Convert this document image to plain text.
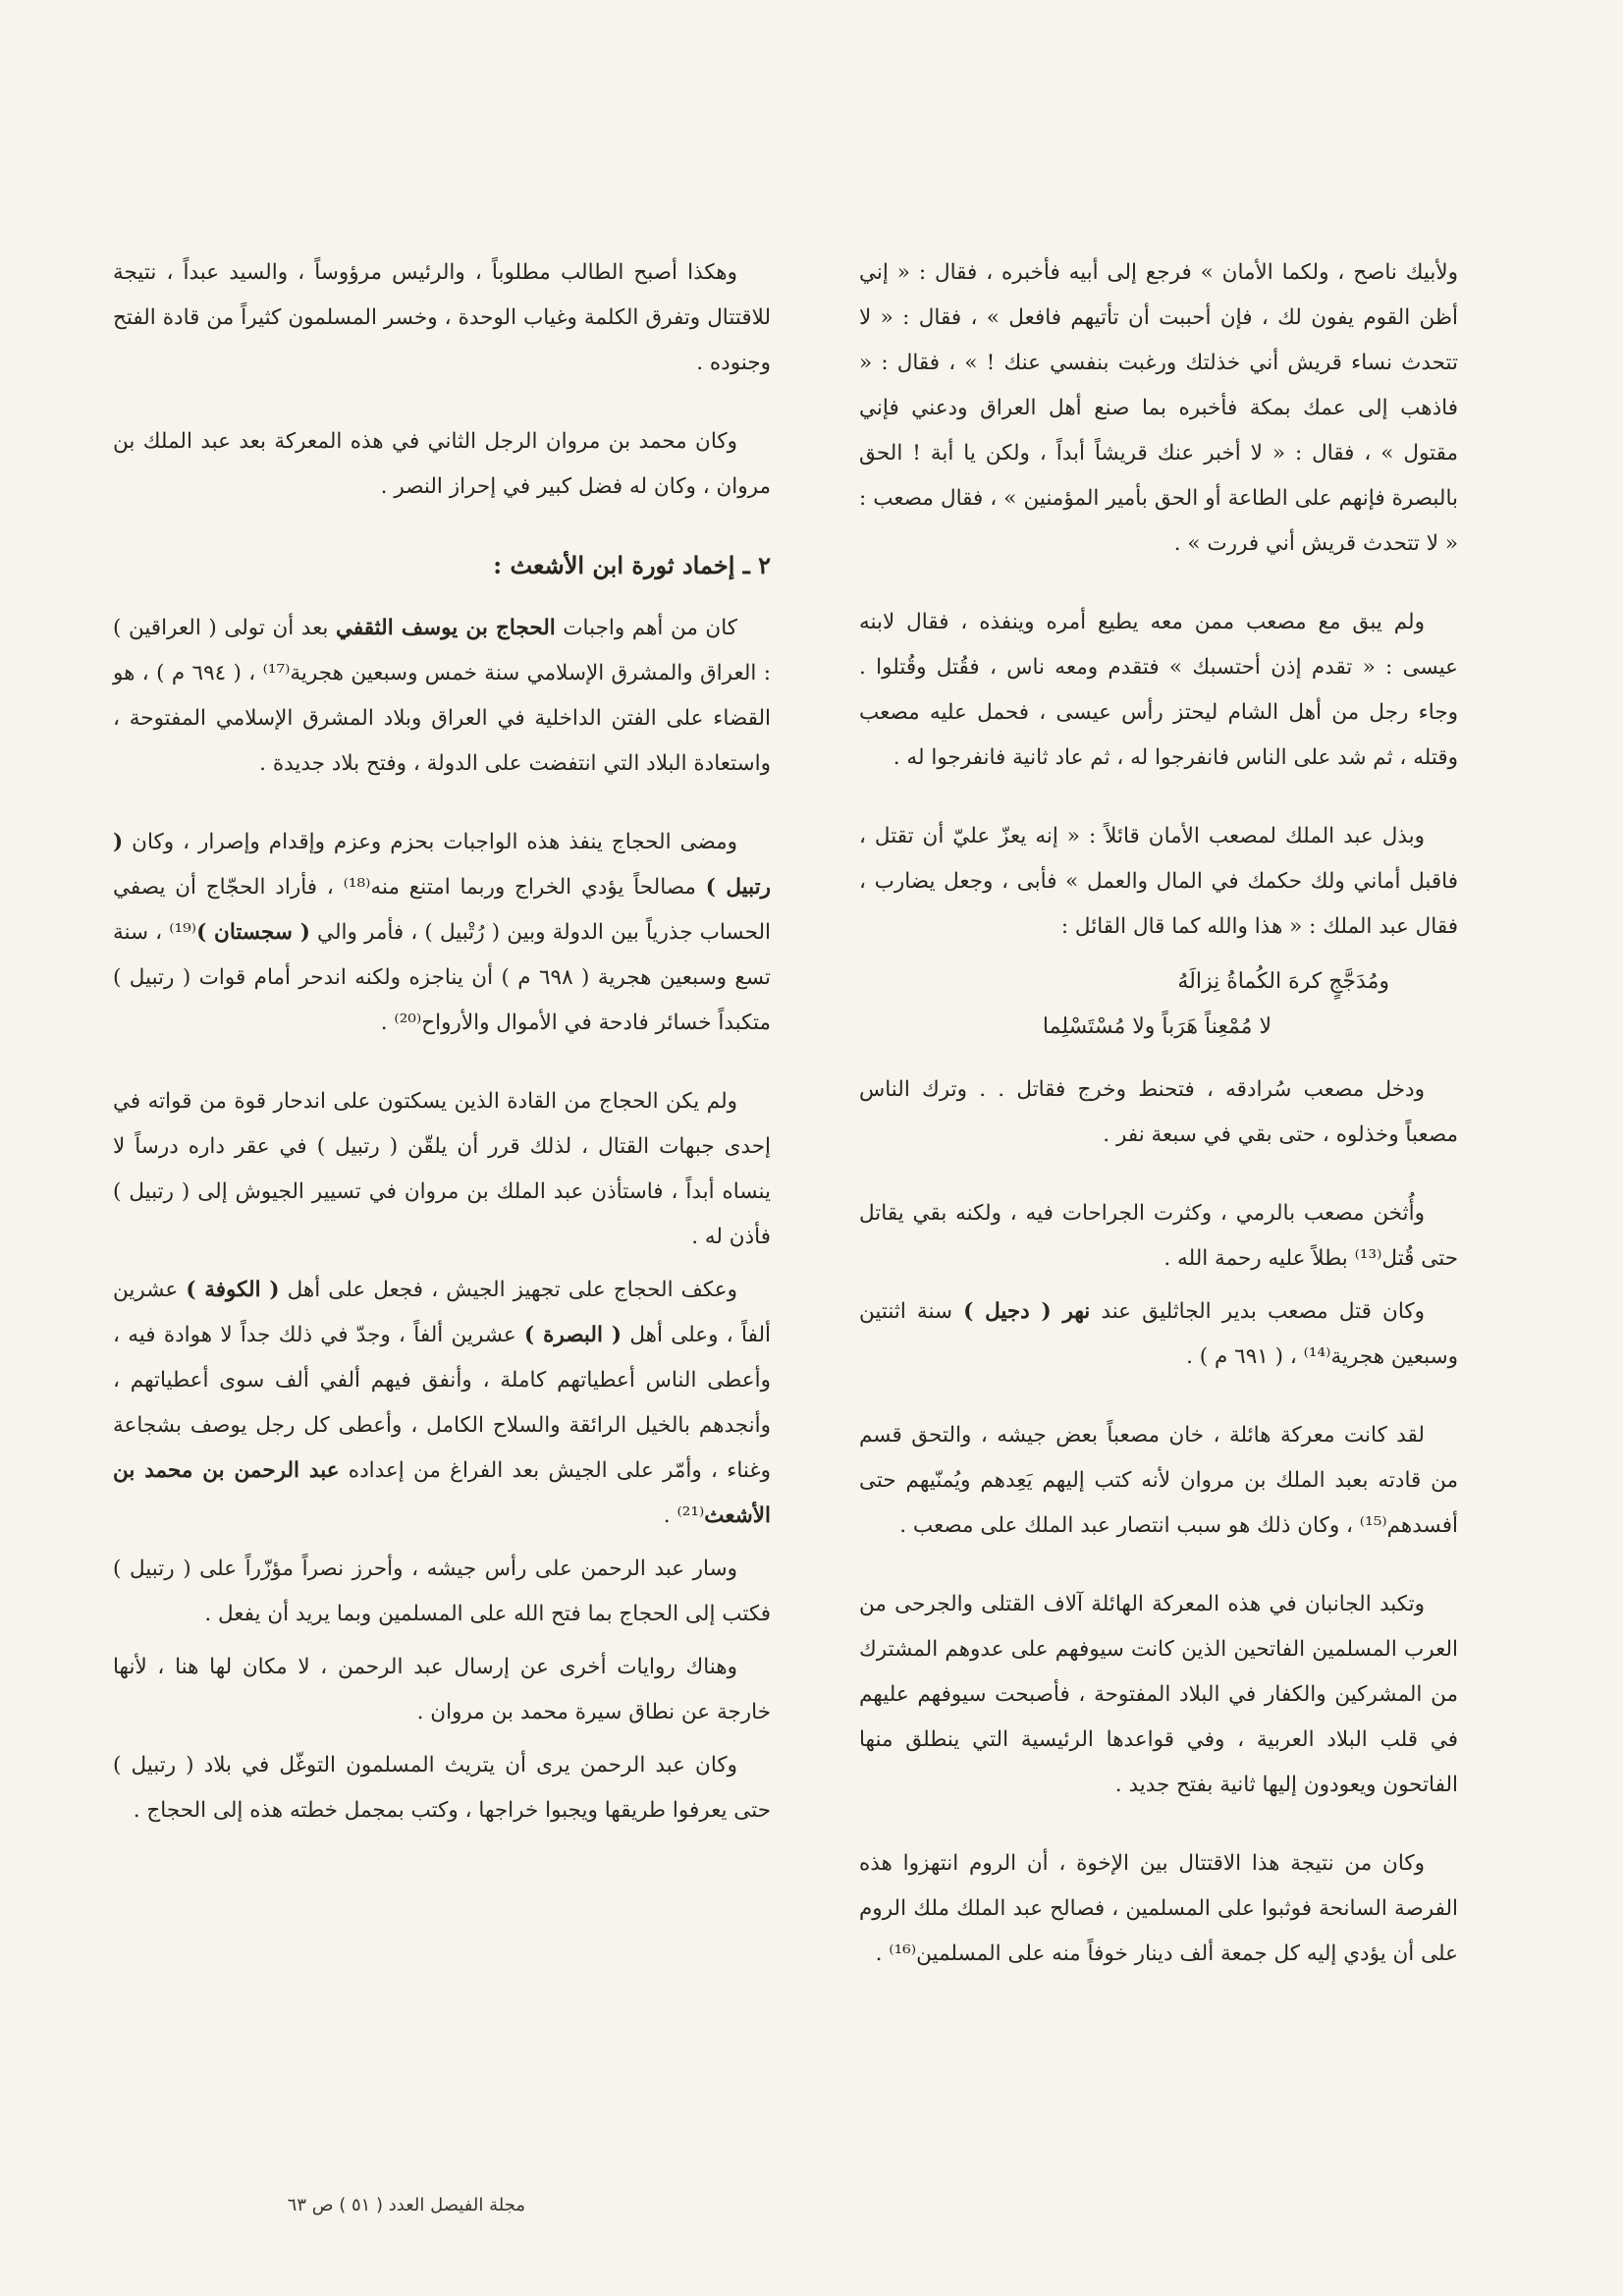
ولأبيك ناصح ، ولكما الأمان » فرجع إلى أبيه فأخبره ، فقال : « إني أظن القوم يفون لك ، فإن أحببت أن تأتيهم فافعل » ، فقال : « لا تتحدث نساء قريش أني خذلتك ورغبت بنفسي عنك ! » ، فقال : « فاذهب إلى عمك بمكة فأخبره بما صنع أهل العراق ودعني فإني مقتول » ، فقال : « لا أخبر عنك قريشاً أبداً ، ولكن يا أبة ! الحق بالبصرة فإنهم على الطاعة أو الحق بأمير المؤمنين » ، فقال مصعب : « لا تتحدث قريش أني فررت » .

ولم يبق مع مصعب ممن معه يطيع أمره وينفذه ، فقال لابنه عيسى : « تقدم إذن أحتسبك » فتقدم ومعه ناس ، فقُتل وقُتلوا . وجاء رجل من أهل الشام ليحتز رأس عيسى ، فحمل عليه مصعب وقتله ، ثم شد على الناس فانفرجوا له ، ثم عاد ثانية فانفرجوا له .

وبذل عبد الملك لمصعب الأمان قائلاً : « إنه يعزّ عليّ أن تقتل ، فاقبل أماني ولك حكمك في المال والعمل » فأبى ، وجعل يضارب ، فقال عبد الملك : « هذا والله كما قال القائل :

ومُدَجَّجٍ كرهَ الكُماةُ نِزالَهُ
لا مُمْعِناً هَرَباً ولا مُسْتَسْلِما

ودخل مصعب سُرادقه ، فتحنط وخرج فقاتل . . وترك الناس مصعباً وخذلوه ، حتى بقي في سبعة نفر .

وأُثخن مصعب بالرمي ، وكثرت الجراحات فيه ، ولكنه بقي يقاتل حتى قُتل⁽¹³⁾ بطلاً عليه رحمة الله .

وكان قتل مصعب بدير الجاثليق عند نهر ( دجيل ) سنة اثنتين وسبعين هجرية⁽¹⁴⁾ ، ( ٦٩١ م ) .

لقد كانت معركة هائلة ، خان مصعباً بعض جيشه ، والتحق قسم من قادته بعبد الملك بن مروان لأنه كتب إليهم يَعِدهم ويُمنّيهم حتى أفسدهم⁽¹⁵⁾ ، وكان ذلك هو سبب انتصار عبد الملك على مصعب .

وتكبد الجانبان في هذه المعركة الهائلة آلاف القتلى والجرحى من العرب المسلمين الفاتحين الذين كانت سيوفهم على عدوهم المشترك من المشركين والكفار في البلاد المفتوحة ، فأصبحت سيوفهم عليهم في قلب البلاد العربية ، وفي قواعدها الرئيسية التي ينطلق منها الفاتحون ويعودون إليها ثانية بفتح جديد .

وكان من نتيجة هذا الاقتتال بين الإخوة ، أن الروم انتهزوا هذه الفرصة السانحة فوثبوا على المسلمين ، فصالح عبد الملك ملك الروم على أن يؤدي إليه كل جمعة ألف دينار خوفاً منه على المسلمين⁽¹⁶⁾ .

وهكذا أصبح الطالب مطلوباً ، والرئيس مرؤوساً ، والسيد عبداً ، نتيجة للاقتتال وتفرق الكلمة وغياب الوحدة ، وخسر المسلمون كثيراً من قادة الفتح وجنوده .

وكان محمد بن مروان الرجل الثاني في هذه المعركة بعد عبد الملك بن مروان ، وكان له فضل كبير في إحراز النصر .

٢ ـ إخماد ثورة ابن الأشعث :

كان من أهم واجبات الحجاج بن يوسف الثقفي بعد أن تولى ( العراقين ) : العراق والمشرق الإسلامي سنة خمس وسبعين هجرية⁽¹⁷⁾ ، ( ٦٩٤ م ) ، هو القضاء على الفتن الداخلية في العراق وبلاد المشرق الإسلامي المفتوحة ، واستعادة البلاد التي انتفضت على الدولة ، وفتح بلاد جديدة .

ومضى الحجاج ينفذ هذه الواجبات بحزم وعزم وإقدام وإصرار ، وكان ( رتبيل ) مصالحاً يؤدي الخراج وربما امتنع منه⁽¹⁸⁾ ، فأراد الحجّاج أن يصفي الحساب جذرياً بين الدولة وبين ( رُتْبيل ) ، فأمر والي ( سجستان )⁽¹⁹⁾ ، سنة تسع وسبعين هجرية ( ٦٩٨ م ) أن يناجزه ولكنه اندحر أمام قوات ( رتبيل ) متكبداً خسائر فادحة في الأموال والأرواح⁽²⁰⁾ .

ولم يكن الحجاج من القادة الذين يسكتون على اندحار قوة من قواته في إحدى جبهات القتال ، لذلك قرر أن يلقّن ( رتبيل ) في عقر داره درساً لا ينساه أبداً ، فاستأذن عبد الملك بن مروان في تسيير الجيوش إلى ( رتبيل ) فأذن له .

وعكف الحجاج على تجهيز الجيش ، فجعل على أهل ( الكوفة ) عشرين ألفاً ، وعلى أهل ( البصرة ) عشرين ألفاً ، وجدّ في ذلك جداً لا هوادة فيه ، وأعطى الناس أعطياتهم كاملة ، وأنفق فيهم ألفي ألف سوى أعطياتهم ، وأنجدهم بالخيل الرائقة والسلاح الكامل ، وأعطى كل رجل يوصف بشجاعة وغناء ، وأمّر على الجيش بعد الفراغ من إعداده عبد الرحمن بن محمد بن الأشعث⁽²¹⁾ .

وسار عبد الرحمن على رأس جيشه ، وأحرز نصراً مؤزّراً على ( رتبيل ) فكتب إلى الحجاج بما فتح الله على المسلمين وبما يريد أن يفعل .

وهناك روايات أخرى عن إرسال عبد الرحمن ، لا مكان لها هنا ، لأنها خارجة عن نطاق سيرة محمد بن مروان .

وكان عبد الرحمن يرى أن يتريث المسلمون التوغّل في بلاد ( رتبيل ) حتى يعرفوا طريقها ويجبوا خراجها ، وكتب بمجمل خطته هذه إلى الحجاج .

مجلة الفيصل العدد ( ٥١ ) ص ٦٣
